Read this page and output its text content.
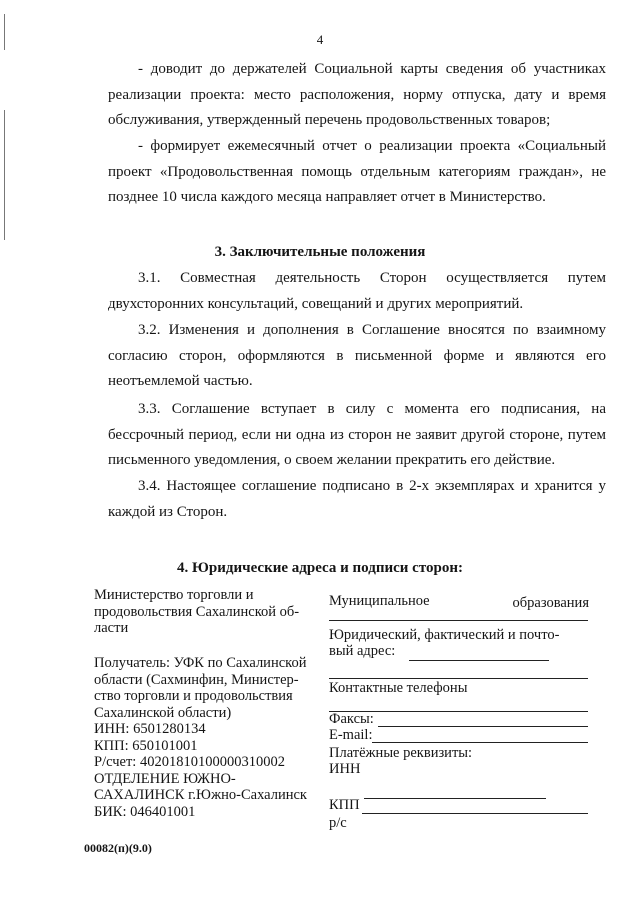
4

- доводит до держателей Социальной карты сведения об участниках реализации проекта: место расположения, норму отпуска, дату и время обслуживания, утвержденный перечень продовольственных товаров;

- формирует ежемесячный отчет о реализации проекта «Социальный проект «Продовольственная помощь отдельным категориям граждан», не позднее 10 числа каждого месяца направляет отчет в Министерство.

3. Заключительные положения

3.1. Совместная деятельность Сторон осуществляется путем двухсторонних консультаций, совещаний и других мероприятий.

3.2. Изменения и дополнения в Соглашение вносятся по взаимному согласию сторон, оформляются в письменной форме и являются его неотъемлемой частью.

3.3. Соглашение вступает в силу с момента его подписания, на бессрочный период, если ни одна из сторон не заявит другой стороне, путем письменного уведомления, о своем желании прекратить его действие.

3.4. Настоящее соглашение подписано в 2-х экземплярах и хранится у каждой из Сторон.

4. Юридические адреса и подписи сторон:

Министерство торговли и

продовольствия Сахалинской об-

ласти

Получатель: УФК по Сахалинской

области (Сахминфин, Министер-

ство торговли и продовольствия

Сахалинской области)

ИНН: 6501280134

КПП: 650101001

Р/счет: 40201810100000310002

ОТДЕЛЕНИЕ ЮЖНО-

САХАЛИНСК г.Южно-Сахалинск

БИК: 046401001

Муниципальное	образования
Юридический, фактический и почто-
вый адрес:
Контактные телефоны
Факсы:
E-mail:
Платёжные реквизиты:
ИНН
КПП
р/с
00082(п)(9.0)
